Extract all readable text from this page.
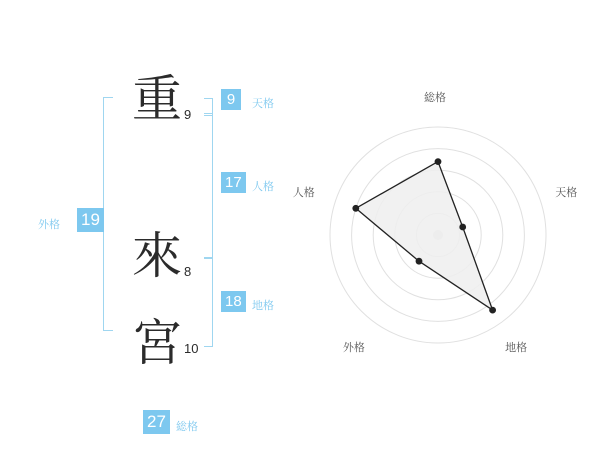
外格 19
重 9
來 8
宮 10
9	天格
17 人格
18 地格
27 総格
総格
天格
地格
外格
人格
